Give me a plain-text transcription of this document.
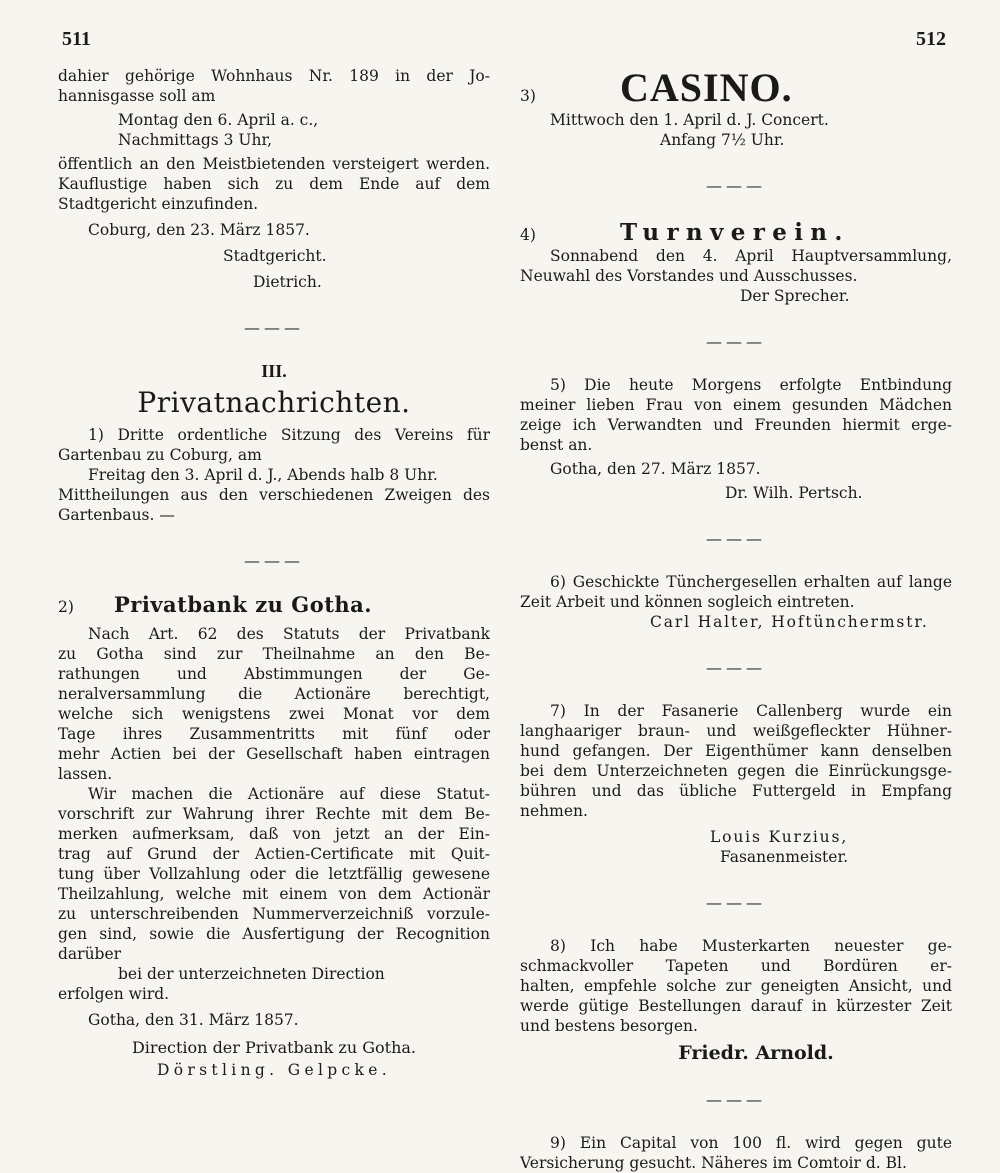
511	512
dahier gehörige Wohnhaus Nr. 189 in der Jo-
hannisgasse soll am
Montag den 6. April a. c.,
Nachmittags 3 Uhr,
öffentlich an den Meistbietenden versteigert werden.
Kauflustige haben sich zu dem Ende auf dem
Stadtgericht einzufinden.
Coburg, den 23. März 1857.
Stadtgericht.
Dietrich.
———
III.
Privatnachrichten.
1) Dritte ordentliche Sitzung des Vereins für
Gartenbau zu Coburg, am
Freitag den 3. April d. J., Abends halb 8 Uhr.
Mittheilungen aus den verschiedenen Zweigen des
Gartenbaus. —
———
2) Privatbank zu Gotha.
Nach Art. 62 des Statuts der Privatbank
zu Gotha sind zur Theilnahme an den Be-
rathungen und Abstimmungen der Ge-
neralversammlung die Actionäre berechtigt,
welche sich wenigstens zwei Monat vor dem
Tage ihres Zusammentritts mit fünf oder
mehr Actien bei der Gesellschaft haben eintragen
lassen.
Wir machen die Actionäre auf diese Statut-
vorschrift zur Wahrung ihrer Rechte mit dem Be-
merken aufmerksam, daß von jetzt an der Ein-
trag auf Grund der Actien-Certificate mit Quit-
tung über Vollzahlung oder die letztfällig gewesene
Theilzahlung, welche mit einem von dem Actionär
zu unterschreibenden Nummerverzeichniß vorzule-
gen sind, sowie die Ausfertigung der Recognition
darüber
bei der unterzeichneten Direction
erfolgen wird.
Gotha, den 31. März 1857.
Direction der Privatbank zu Gotha.
Dörstling. Gelpcke.
3)	CASINO.
Mittwoch den 1. April d. J. Concert.
Anfang 7½ Uhr.
———
4)	Turnverein.
Sonnabend den 4. April Hauptversammlung,
Neuwahl des Vorstandes und Ausschusses.
Der Sprecher.
———
5) Die heute Morgens erfolgte Entbindung
meiner lieben Frau von einem gesunden Mädchen
zeige ich Verwandten und Freunden hiermit erge-
benst an.
Gotha, den 27. März 1857.
Dr. Wilh. Pertsch.
———
6) Geschickte Tünchergesellen erhalten auf lange
Zeit Arbeit und können sogleich eintreten.
Carl Halter, Hoftünchermstr.
———
7) In der Fasanerie Callenberg wurde ein
langhaariger braun- und weißgefleckter Hühner-
hund gefangen. Der Eigenthümer kann denselben
bei dem Unterzeichneten gegen die Einrückungsge-
bühren und das übliche Futtergeld in Empfang
nehmen.
Louis Kurzius,
Fasanenmeister.
———
8) Ich habe Musterkarten neuester ge-
schmackvoller Tapeten und Bordüren er-
halten, empfehle solche zur geneigten Ansicht, und
werde gütige Bestellungen darauf in kürzester Zeit
und bestens besorgen.
Friedr. Arnold.
———
9) Ein Capital von 100 fl. wird gegen gute
Versicherung gesucht. Näheres im Comtoir d. Bl.
